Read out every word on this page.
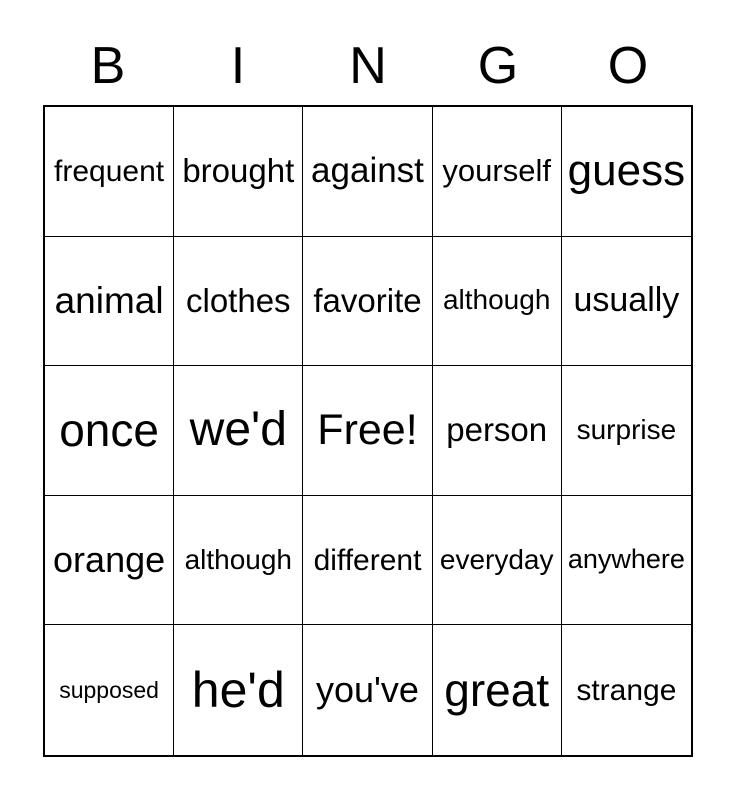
B	I	N	G	O
frequent brought against yourself guess
animal clothes favorite although usually
once we'd Free! person	surprise
orange although different everyday anywhere
supposed he'd you've great strange
